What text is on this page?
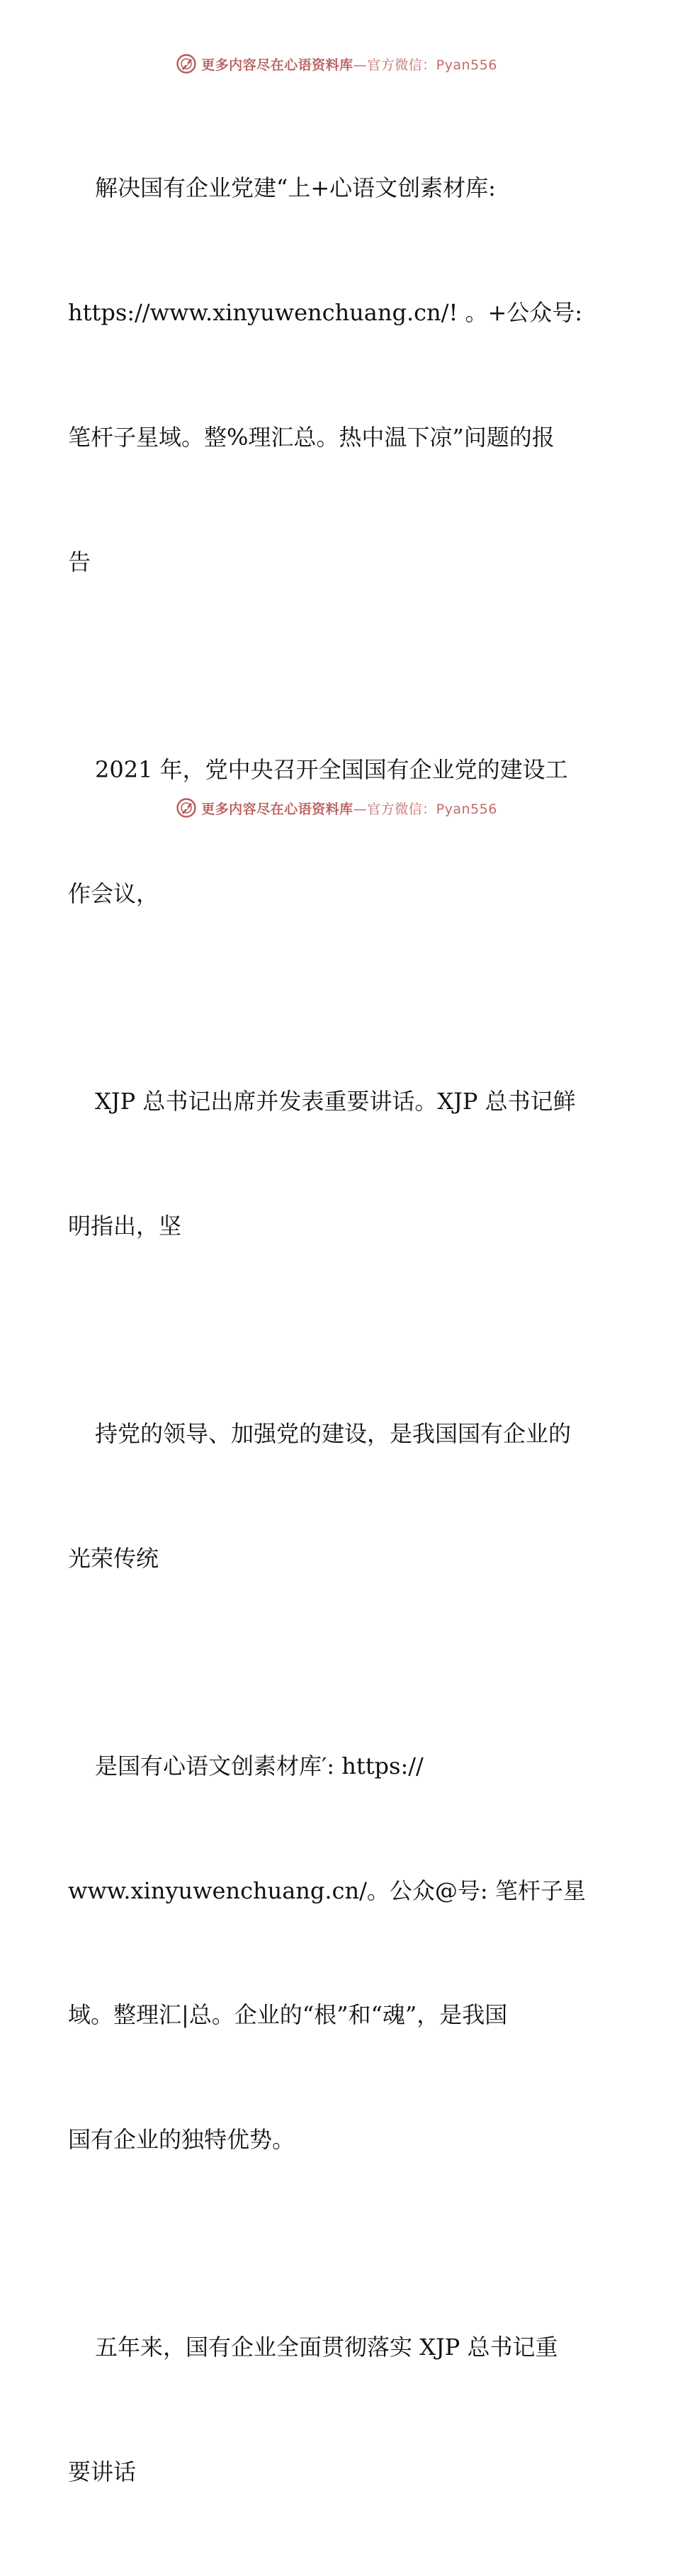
更多内容尽在心语资料库—官方微信：Pyan556

解决国有企业党建“上+心语文创素材库:

https://www.xinyuwenchuang.cn/! 。+公众号:

笔杆子星域。整%理汇总。热中温下凉”问题的报

告

2021 年，党中央召开全国国有企业党的建设工

作会议，

XJP 总书记出席并发表重要讲话。XJP 总书记鲜

明指出，坚

持党的领导、加强党的建设，是我国国有企业的

光荣传统

是国有心语文创素材库′: https://

www.xinyuwenchuang.cn/。公众@号: 笔杆子星

域。整理汇|总。企业的“根”和“魂”，是我国

国有企业的独特优势。

五年来，国有企业全面贯彻落实 XJP 总书记重

要讲话

更多内容尽在心语资料库—官方微信：Pyan556
